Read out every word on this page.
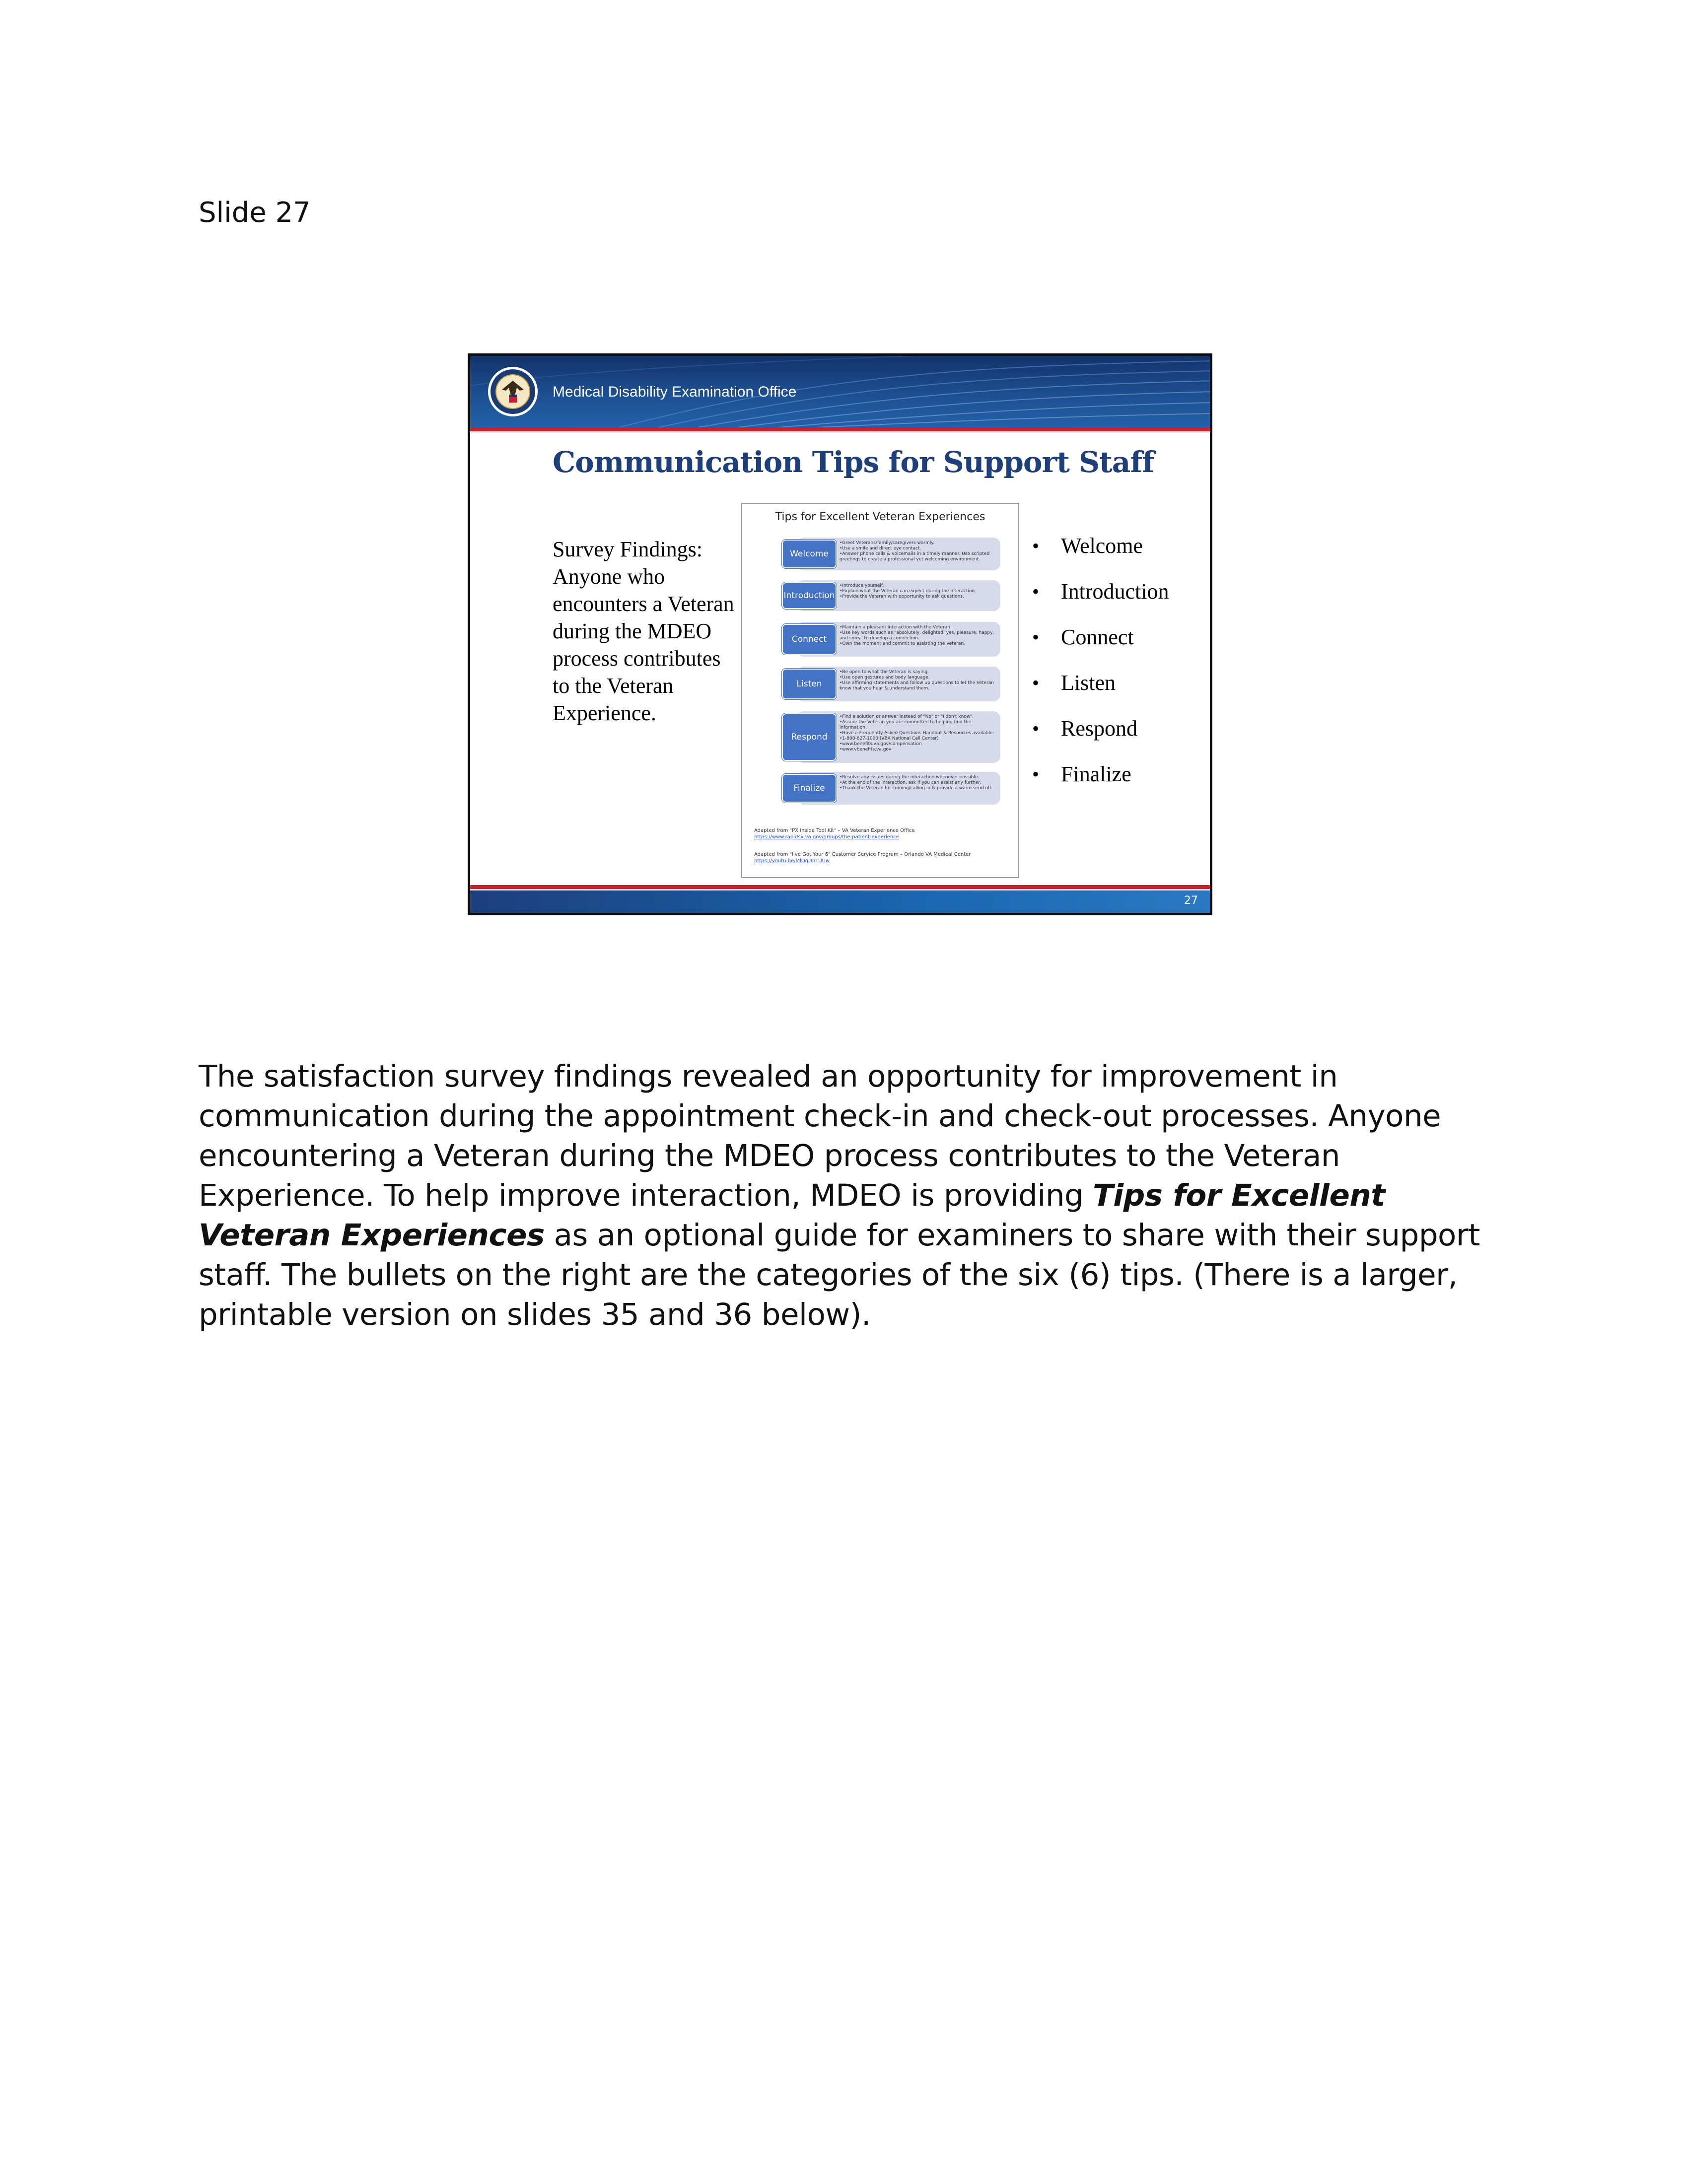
Slide 27
Medical Disability Examination Office
Communication Tips for Support Staff
Survey Findings: Anyone who encounters a Veteran during the MDEO process contributes to the Veteran Experience.
Tips for Excellent Veteran Experiences
•Greet Veterans/family/caregivers warmly.
•Use a smile and direct eye contact.
•Answer phone calls & voicemails in a timely manner. Use scripted greetings to create a professional yet welcoming environment.
Welcome
•Introduce yourself.
•Explain what the Veteran can expect during the interaction.
•Provide the Veteran with opportunity to ask questions.
Introduction
•Maintain a pleasant interaction with the Veteran.
•Use key words such as "absolutely, delighted, yes, pleasure, happy, and sorry" to develop a connection.
•Own the moment and commit to assisting the Veteran.
Connect
•Be open to what the Veteran is saying.
•Use open gestures and body language.
•Use affirming statements and follow up questions to let the Veteran know that you hear & understand them.
Listen
•Find a solution or answer instead of "No" or "I don't know".
•Assure the Veteran you are committed to helping find the information.
•Have a Frequently Asked Questions Handout & Resources available:
•1-800-827-1000 (VBA National Call Center)
•www.benefits.va.gov/compensation
•www.vbenefits.va.gov
Respond
•Resolve any issues during the interaction whenever possible.
•At the end of the interaction, ask if you can assist any further.
•Thank the Veteran for coming/calling in & provide a warm send off.
Finalize
Adapted from "PX Inside Tool Kit" – VA Veteran Experience Office
https://www.rapidsx.va.gov/groups/the-patient-experience
Adapted from "I've Got Your 6" Customer Service Program – Orlando VA Medical Center
https://youtu.be/MlOgDnTUUw
• Welcome
• Introduction
• Connect
• Listen
• Respond
• Finalize
27

The satisfaction survey findings revealed an opportunity for improvement in communication during the appointment check-in and check-out processes. Anyone encountering a Veteran during the MDEO process contributes to the Veteran Experience. To help improve interaction, MDEO is providing Tips for Excellent Veteran Experiences as an optional guide for examiners to share with their support staff. The bullets on the right are the categories of the six (6) tips. (There is a larger, printable version on slides 35 and 36 below).
